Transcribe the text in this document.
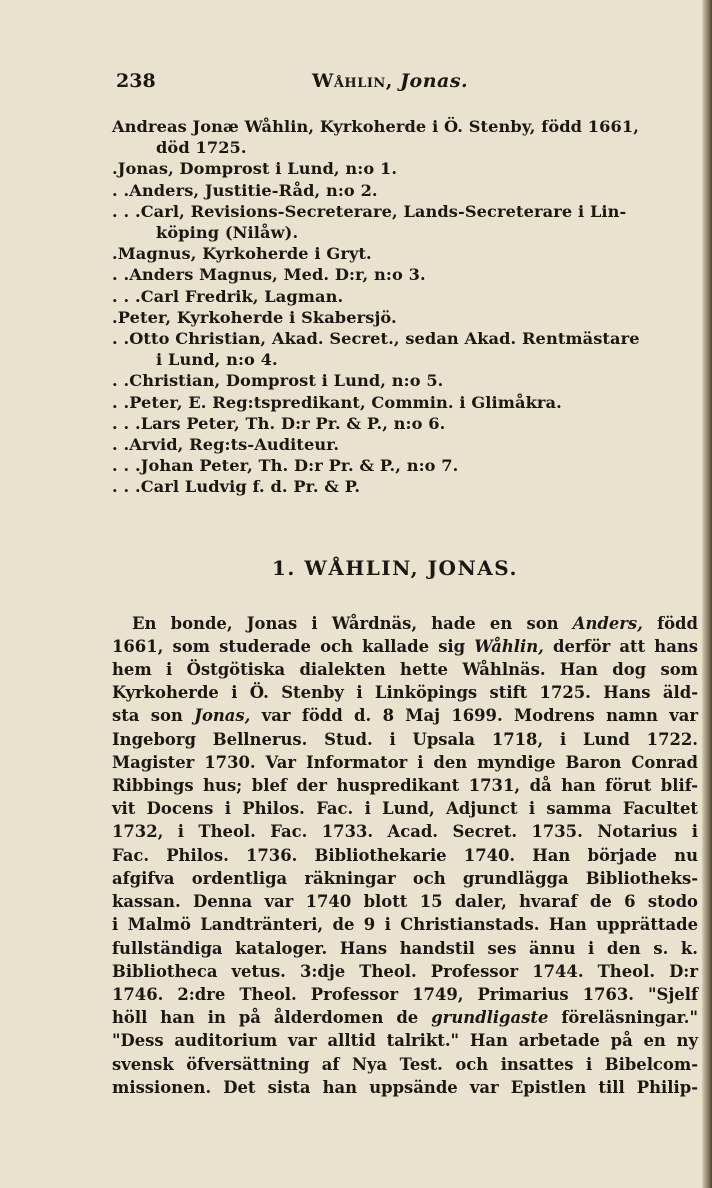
238	Wåhlin, Jonas.
Andreas Jonæ Wåhlin, Kyrkoherde i Ö. Stenby, född 1661,
död 1725.
.Jonas, Domprost i Lund, n:o 1.
. .Anders, Justitie-Råd, n:o 2.
. . .Carl, Revisions-Secreterare, Lands-Secreterare i Lin-
köping (Nilåw).
.Magnus, Kyrkoherde i Gryt.
. .Anders Magnus, Med. D:r, n:o 3.
. . .Carl Fredrik, Lagman.
.Peter, Kyrkoherde i Skabersjö.
. .Otto Christian, Akad. Secret., sedan Akad. Rentmästare
i Lund, n:o 4.
. .Christian, Domprost i Lund, n:o 5.
. .Peter, E. Reg:tspredikant, Commin. i Glimåkra.
. . .Lars Peter, Th. D:r Pr. & P., n:o 6.
. .Arvid, Reg:ts-Auditeur.
. . .Johan Peter, Th. D:r Pr. & P., n:o 7.
. . .Carl Ludvig f. d. Pr. & P.
1. WÅHLIN, JONAS.
En bonde, Jonas i Wårdnäs, hade en son Anders, född
1661, som studerade och kallade sig Wåhlin, derför att hans
hem i Östgötiska dialekten hette Wåhlnäs. Han dog som
Kyrkoherde i Ö. Stenby i Linköpings stift 1725. Hans äld-
sta son Jonas, var född d. 8 Maj 1699. Modrens namn var
Ingeborg Bellnerus. Stud. i Upsala 1718, i Lund 1722.
Magister 1730. Var Informator i den myndige Baron Conrad
Ribbings hus; blef der huspredikant 1731, då han förut blif-
vit Docens i Philos. Fac. i Lund, Adjunct i samma Facultet
1732, i Theol. Fac. 1733. Acad. Secret. 1735. Notarius i
Fac. Philos. 1736. Bibliothekarie 1740. Han började nu
afgifva ordentliga räkningar och grundlägga Bibliotheks-
kassan. Denna var 1740 blott 15 daler, hvaraf de 6 stodo
i Malmö Landtränteri, de 9 i Christianstads. Han upprättade
fullständiga kataloger. Hans handstil ses ännu i den s. k.
Bibliotheca vetus. 3:dje Theol. Professor 1744. Theol. D:r
1746. 2:dre Theol. Professor 1749, Primarius 1763. "Sjelf
höll han in på ålderdomen de grundligaste föreläsningar."
"Dess auditorium var alltid talrikt." Han arbetade på en ny
svensk öfversättning af Nya Test. och insattes i Bibelcom-
missionen. Det sista han uppsände var Epistlen till Philip-
